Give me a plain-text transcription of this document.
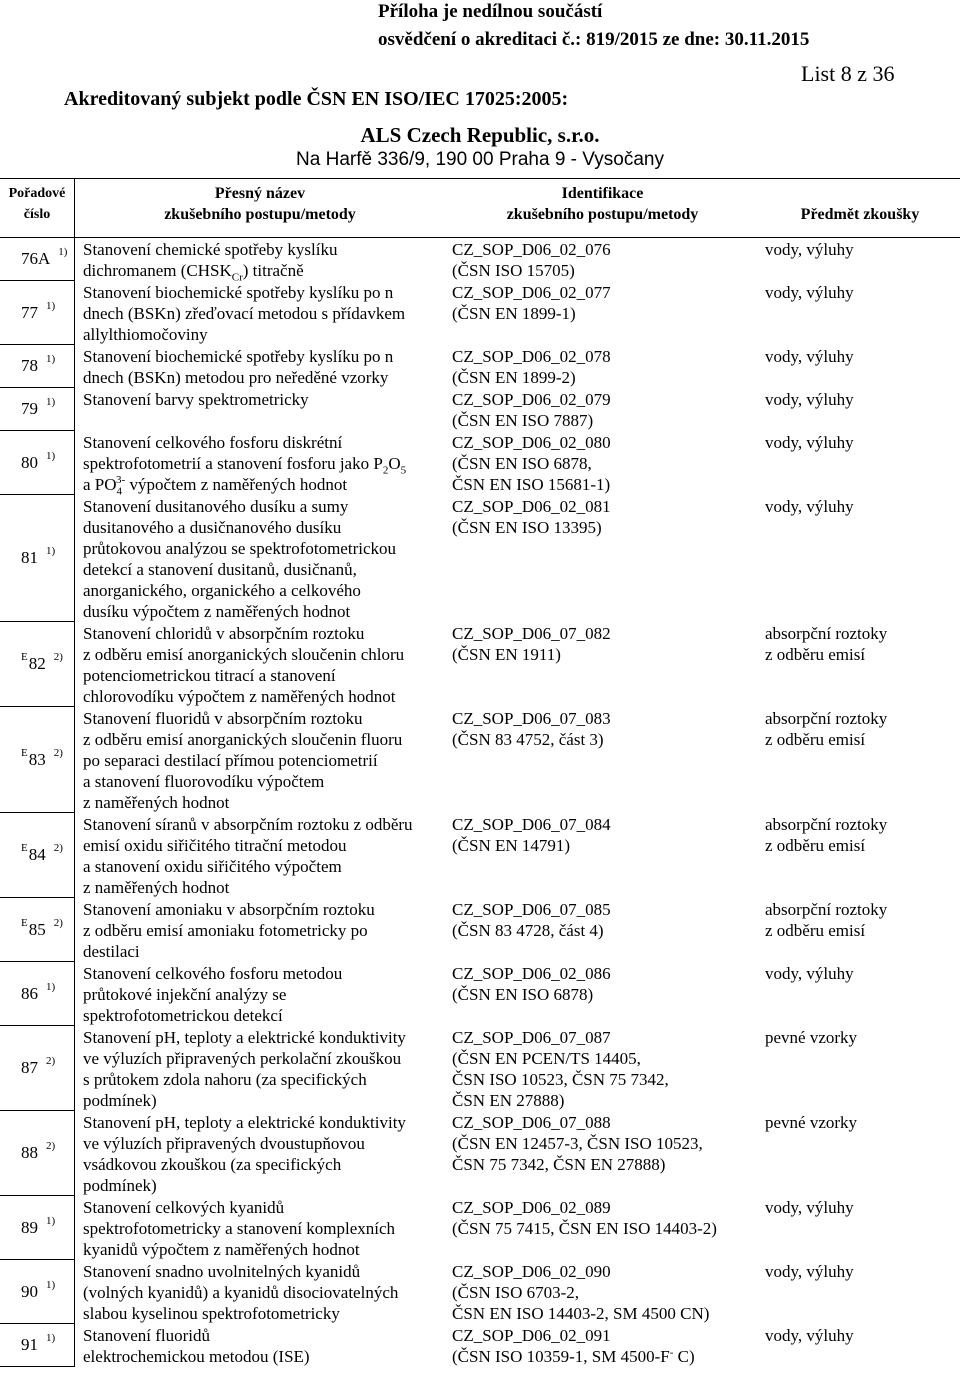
Příloha je nedílnou součástí
osvědčení o akreditaci č.: 819/2015 ze dne: 30.11.2015
List 8 z 36
Akreditovaný subjekt podle ČSN EN ISO/IEC 17025:2005:
ALS Czech Republic, s.r.o.
Na Harfě 336/9, 190 00 Praha 9 - Vysočany
Pořadové
číslo
Přesný název
zkušebního postupu/metody
Identifikace
zkušebního postupu/metody	Předmět zkoušky
76A 1) Stanovení chemické spotřeby kyslíku
dichromanem $(CHSK_{Cr})$ titračně
CZ_SOP_D06_02_076
(ČSN ISO 15705)
vody, výluhy
77 1)
Stanovení biochemické spotřeby kyslíku po n
dnech (BSKn) zřeďovací metodou s přídavkem
allylthiomočoviny
CZ_SOP_D06_02_077
(ČSN EN 1899-1)
vody, výluhy
78 1) Stanovení biochemické spotřeby kyslíku po n
dnech (BSKn) metodou pro neředěné vzorky
CZ_SOP_D06_02_078
(ČSN EN 1899-2)
vody, výluhy
79 1) Stanovení barvy spektrometricky	CZ_SOP_D06_02_079
(ČSN EN ISO 7887)
vody, výluhy
80 1)
Stanovení celkového fosforu diskrétní
spektrofotometrií a stanovení fosforu jako $P_2O_5$
a $PO_4^{3-}$ výpočtem z naměřených hodnot
CZ_SOP_D06_02_080
(ČSN EN ISO 6878,
ČSN EN ISO 15681-1)
vody, výluhy
81 1)
Stanovení dusitanového dusíku a sumy
dusitanového a dusičnanového dusíku
průtokovou analýzou se spektrofotometrickou
detekcí a stanovení dusitanů, dusičnanů,
anorganického, organického a celkového
dusíku výpočtem z naměřených hodnot
CZ_SOP_D06_02_081
(ČSN EN ISO 13395)
vody, výluhy
E 82 2)
Stanovení chloridů v absorpčním roztoku
z odběru emisí anorganických sloučenin chloru
potenciometrickou titrací a stanovení
chlorovodíku výpočtem z naměřených hodnot
CZ_SOP_D06_07_082
(ČSN EN 1911)
absorpční roztoky
z odběru emisí
E 83 2)
Stanovení fluoridů v absorpčním roztoku
z odběru emisí anorganických sloučenin fluoru
po separaci destilací přímou potenciometrií
a stanovení fluorovodíku výpočtem
z naměřených hodnot
CZ_SOP_D06_07_083
(ČSN 83 4752, část 3)
absorpční roztoky
z odběru emisí
E 84 2)
Stanovení síranů v absorpčním roztoku z odběru
emisí oxidu siřičitého titrační metodou
a stanovení oxidu siřičitého výpočtem
z naměřených hodnot
CZ_SOP_D06_07_084
(ČSN EN 14791)
absorpční roztoky
z odběru emisí
E 85 2)
Stanovení amoniaku v absorpčním roztoku
z odběru emisí amoniaku fotometricky po
destilaci
CZ_SOP_D06_07_085
(ČSN 83 4728, část 4)
absorpční roztoky
z odběru emisí
86 1)
Stanovení celkového fosforu metodou
průtokové injekční analýzy se
spektrofotometrickou detekcí
CZ_SOP_D06_02_086
(ČSN EN ISO 6878)
vody, výluhy
87 2)
Stanovení pH, teploty a elektrické konduktivity
ve výluzích připravených perkolační zkouškou
s průtokem zdola nahoru (za specifických
podmínek)
CZ_SOP_D06_07_087
(ČSN EN PCEN/TS 14405,
ČSN ISO 10523, ČSN 75 7342,
ČSN EN 27888)
pevné vzorky
88 2)
Stanovení pH, teploty a elektrické konduktivity
ve výluzích připravených dvoustupňovou
vsádkovou zkouškou (za specifických
podmínek)
CZ_SOP_D06_07_088
(ČSN EN 12457-3, ČSN ISO 10523,
ČSN 75 7342, ČSN EN 27888)
pevné vzorky
89 1)
Stanovení celkových kyanidů
spektrofotometricky a stanovení komplexních
kyanidů výpočtem z naměřených hodnot
CZ_SOP_D06_02_089
(ČSN 75 7415, ČSN EN ISO 14403-2)
vody, výluhy
90 1)
Stanovení snadno uvolnitelných kyanidů
(volných kyanidů) a kyanidů disociovatelných
slabou kyselinou spektrofotometricky
CZ_SOP_D06_02_090
(ČSN ISO 6703-2,
ČSN EN ISO 14403-2, SM 4500 CN)
vody, výluhy
91 1) Stanovení fluoridů
elektrochemickou metodou (ISE)
CZ_SOP_D06_02_091
(ČSN ISO 10359-1, SM 4500-F- C)
vody, výluhy
